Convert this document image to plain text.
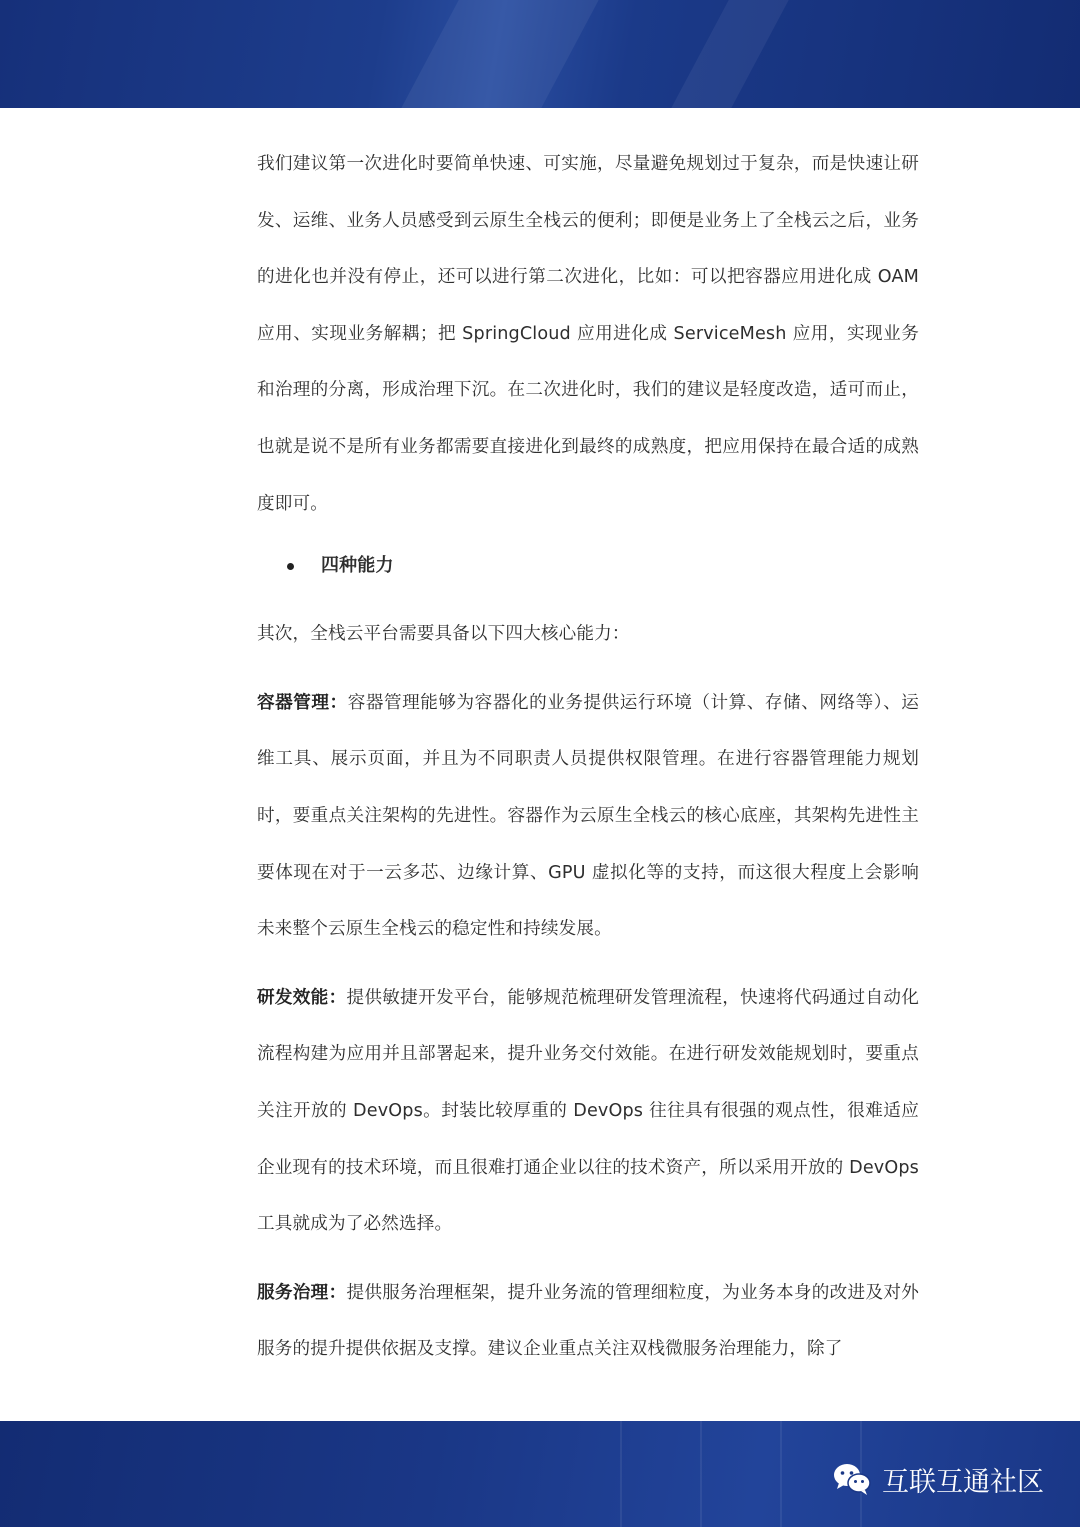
我们建议第一次进化时要简单快速、可实施，尽量避免规划过于复杂，而是快速让研发、运维、业务人员感受到云原生全栈云的便利；即便是业务上了全栈云之后，业务的进化也并没有停止，还可以进行第二次进化，比如：可以把容器应用进化成 OAM 应用、实现业务解耦；把 SpringCloud 应用进化成 ServiceMesh 应用，实现业务和治理的分离，形成治理下沉。在二次进化时，我们的建议是轻度改造，适可而止，也就是说不是所有业务都需要直接进化到最终的成熟度，把应用保持在最合适的成熟度即可。

四种能力

其次，全栈云平台需要具备以下四大核心能力：

容器管理：容器管理能够为容器化的业务提供运行环境（计算、存储、网络等）、运维工具、展示页面，并且为不同职责人员提供权限管理。在进行容器管理能力规划时，要重点关注架构的先进性。容器作为云原生全栈云的核心底座，其架构先进性主要体现在对于一云多芯、边缘计算、GPU 虚拟化等的支持，而这很大程度上会影响未来整个云原生全栈云的稳定性和持续发展。

研发效能：提供敏捷开发平台，能够规范梳理研发管理流程，快速将代码通过自动化流程构建为应用并且部署起来，提升业务交付效能。在进行研发效能规划时，要重点关注开放的 DevOps。封装比较厚重的 DevOps 往往具有很强的观点性，很难适应企业现有的技术环境，而且很难打通企业以往的技术资产，所以采用开放的 DevOps 工具就成为了必然选择。

服务治理：提供服务治理框架，提升业务流的管理细粒度，为业务本身的改进及对外服务的提升提供依据及支撑。建议企业重点关注双栈微服务治理能力，除了

互联互通社区
